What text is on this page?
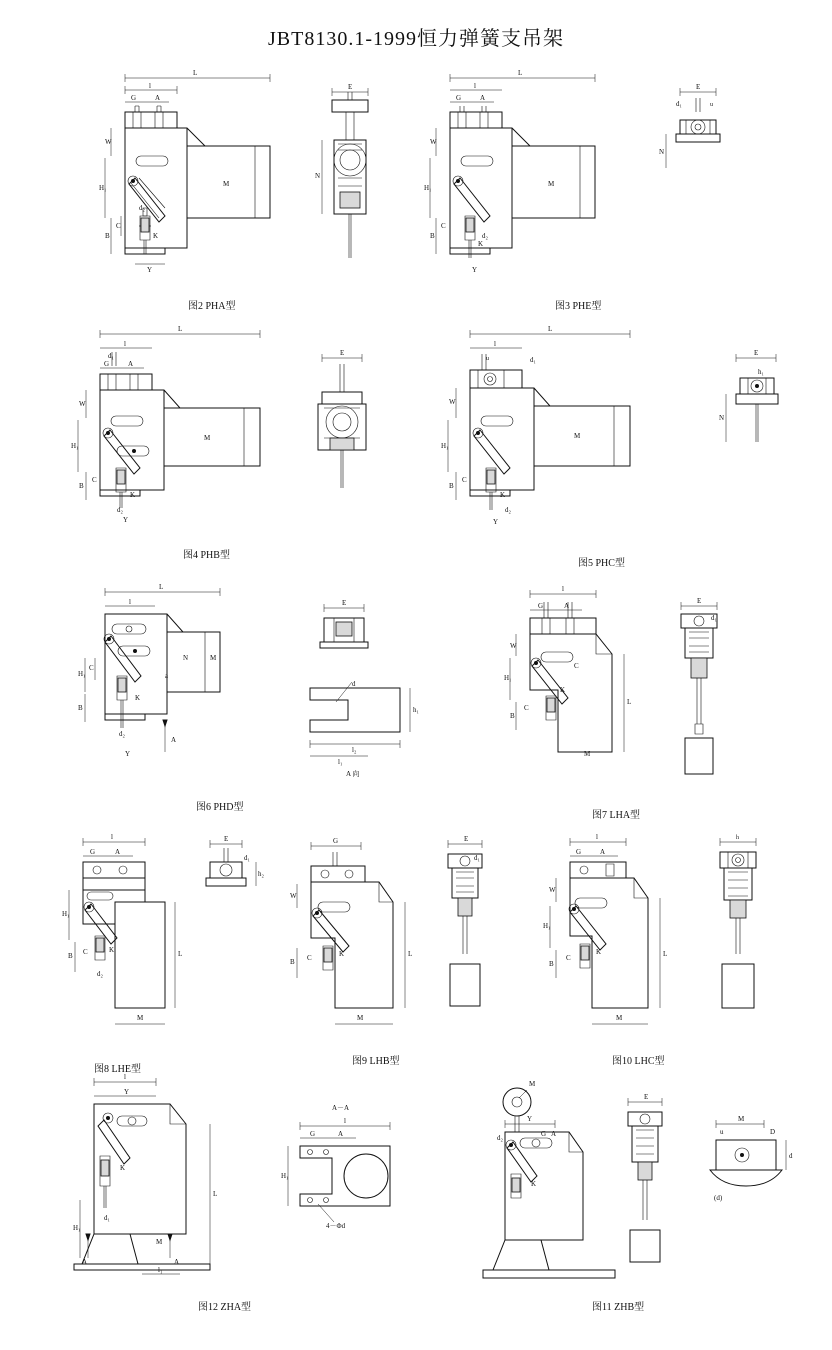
JBT8130.1-1999恒力弹簧支吊架
L
l
G	A
M
W
H₁
B
C
Y
K
d₂
图2 PHA型
E
N
L
l
G	A
M
W
H₁
B
C
Y
K
d₂
图3 PHE型
E
d₁	u
N
L
l
d₁
G	A
M
W
H₁
B
C
K
Y
d₂
图4 PHB型
E
L
l
u	d₁
M
W
H₁
B
C
K
Y
d₂
图5 PHC型
E
h₁
N
L
l
N	M
H₁
C
B
K
d₂
Y
a
A
图6 PHD型
E
d
l₂
l₁
h₁
A 向
l
G	A
W
H₁
B
C
K
C
M
L
图7 LHA型
E
d₁
l
G	A
H₁
B C	K
d₂
L
M
图8 LHE型
E
d₁
h₂
G
W
B C	K	L
M
图9 LHB型
E
d₁
l
G	A
W
H₁
B
C
K	L
M
图10 LHC型
h
l
Y
K
d₁
M
L
H₁
A	A
l₁
图12 ZHA型
A－A
l
G	A
H₁
4－Φd
M
Y
d₂	G A
K
图11 ZHB型
E
M
D
d
u
(d)
